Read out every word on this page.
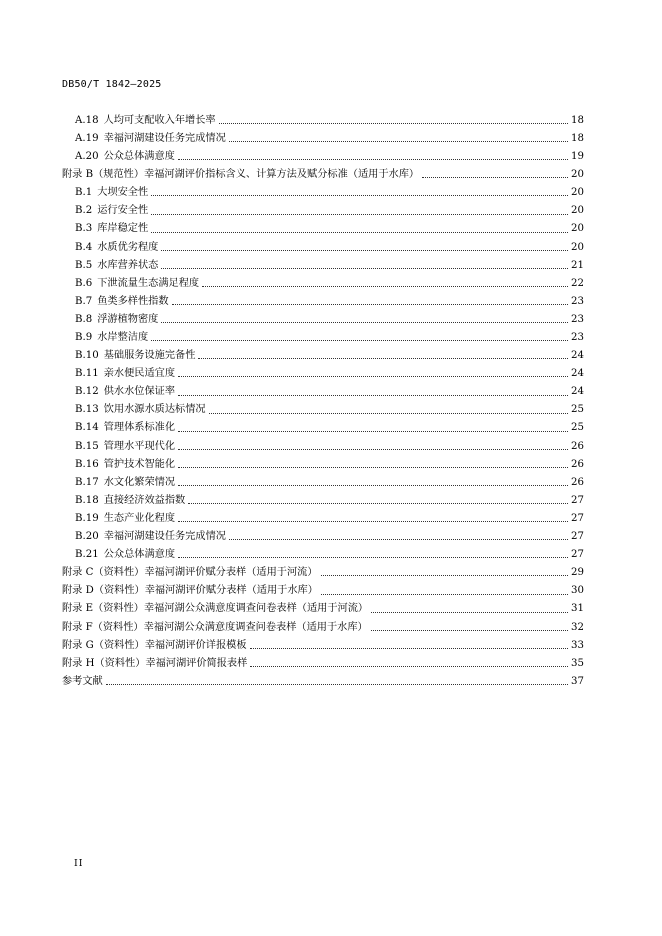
DB50/T 1842—2025

A.18 人均可支配收入年增长率	18
A.19 幸福河湖建设任务完成情况	18
A.20 公众总体满意度	19
附录 B（规范性）幸福河湖评价指标含义、计算方法及赋分标准（适用于水库）	20
B.1 大坝安全性	20
B.2 运行安全性	20
B.3 库岸稳定性	20
B.4 水质优劣程度	20
B.5 水库营养状态	21
B.6 下泄流量生态满足程度	22
B.7 鱼类多样性指数	23
B.8 浮游植物密度	23
B.9 水岸整洁度	23
B.10 基础服务设施完备性	24
B.11 亲水便民适宜度	24
B.12 供水水位保证率	24
B.13 饮用水源水质达标情况	25
B.14 管理体系标准化	25
B.15 管理水平现代化	26
B.16 管护技术智能化	26
B.17 水文化繁荣情况	26
B.18 直接经济效益指数	27
B.19 生态产业化程度	27
B.20 幸福河湖建设任务完成情况	27
B.21 公众总体满意度	27
附录 C（资料性）幸福河湖评价赋分表样（适用于河流）	29
附录 D（资料性）幸福河湖评价赋分表样（适用于水库）	30
附录 E（资料性）幸福河湖公众满意度调查问卷表样（适用于河流）	31
附录 F（资料性）幸福河湖公众满意度调查问卷表样（适用于水库）	32
附录 G（资料性）幸福河湖评价详报模板	33
附录 H（资料性）幸福河湖评价简报表样	35
参考文献	37
II
